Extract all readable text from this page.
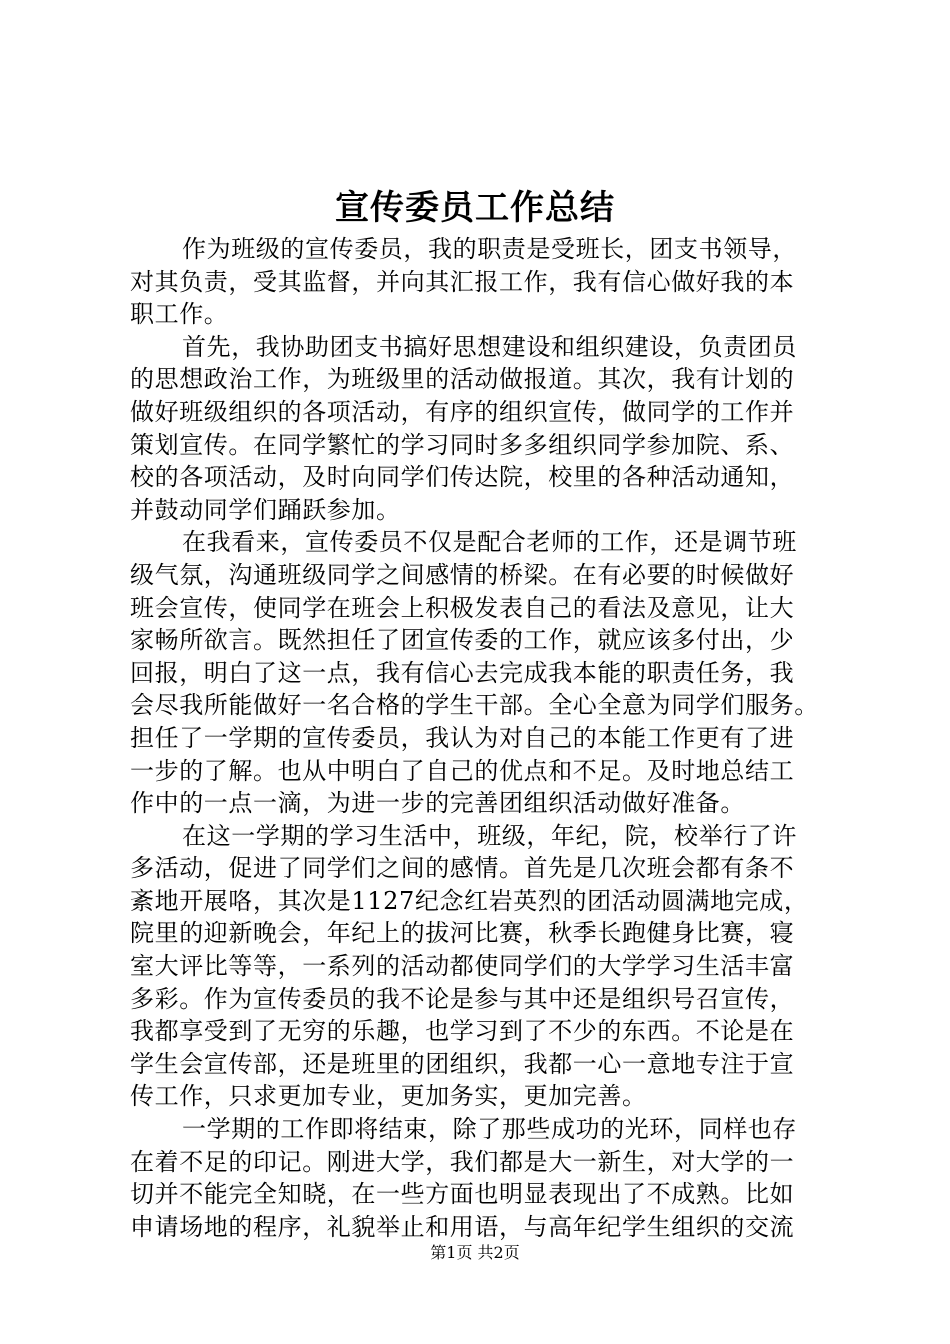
宣传委员工作总结
作为班级的宣传委员，我的职责是受班长，团支书领导，
对其负责，受其监督，并向其汇报工作，我有信心做好我的本
职工作。
首先，我协助团支书搞好思想建设和组织建设，负责团员
的思想政治工作，为班级里的活动做报道。其次，我有计划的
做好班级组织的各项活动，有序的组织宣传，做同学的工作并
策划宣传。在同学繁忙的学习同时多多组织同学参加院、系、
校的各项活动，及时向同学们传达院，校里的各种活动通知，
并鼓动同学们踊跃参加。
在我看来，宣传委员不仅是配合老师的工作，还是调节班
级气氛，沟通班级同学之间感情的桥梁。在有必要的时候做好
班会宣传，使同学在班会上积极发表自己的看法及意见，让大
家畅所欲言。既然担任了团宣传委的工作，就应该多付出，少
回报，明白了这一点，我有信心去完成我本能的职责任务，我
会尽我所能做好一名合格的学生干部。全心全意为同学们服务。
担任了一学期的宣传委员，我认为对自己的本能工作更有了进
一步的了解。也从中明白了自己的优点和不足。及时地总结工
作中的一点一滴，为进一步的完善团组织活动做好准备。
在这一学期的学习生活中，班级，年纪，院，校举行了许
多活动，促进了同学们之间的感情。首先是几次班会都有条不
紊地开展咯，其次是1127纪念红岩英烈的团活动圆满地完成，
院里的迎新晚会，年纪上的拔河比赛，秋季长跑健身比赛，寝
室大评比等等，一系列的活动都使同学们的大学学习生活丰富
多彩。作为宣传委员的我不论是参与其中还是组织号召宣传，
我都享受到了无穷的乐趣，也学习到了不少的东西。不论是在
学生会宣传部，还是班里的团组织，我都一心一意地专注于宣
传工作，只求更加专业，更加务实，更加完善。
一学期的工作即将结束，除了那些成功的光环，同样也存
在着不足的印记。刚进大学，我们都是大一新生，对大学的一
切并不能完全知晓，在一些方面也明显表现出了不成熟。比如
申请场地的程序，礼貌举止和用语，与高年纪学生组织的交流
第1页 共2页
